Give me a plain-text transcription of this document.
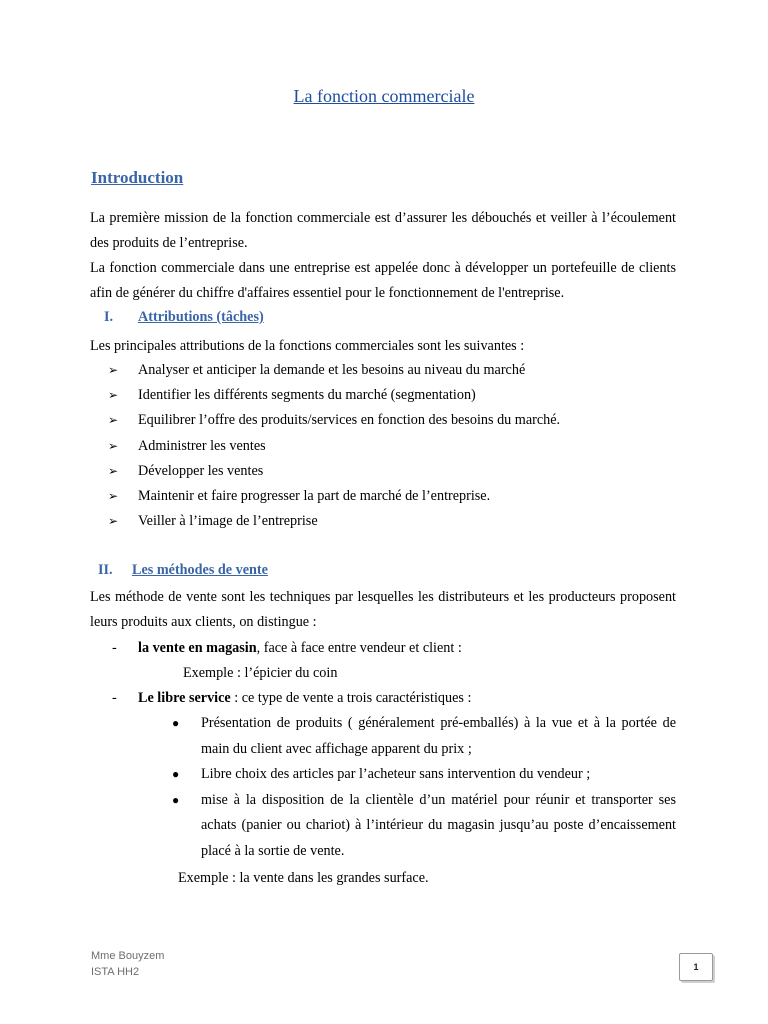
La fonction commerciale
Introduction
La première mission de la fonction commerciale est d’assurer les débouchés et veiller à l’écoulement des produits de l’entreprise.
La fonction commerciale dans une entreprise est appelée donc à développer un portefeuille de clients afin de générer du chiffre d'affaires essentiel pour le fonctionnement de l'entreprise.
I. Attributions (tâches)
Les principales attributions de la fonctions commerciales sont les suivantes :
➢ Analyser et anticiper la demande et les besoins au niveau du marché
➢ Identifier les différents segments du marché (segmentation)
➢ Equilibrer l’offre des produits/services en fonction des besoins du marché.
➢ Administrer les ventes
➢ Développer les ventes
➢ Maintenir et faire progresser la part de marché de l’entreprise.
➢ Veiller à l’image de l’entreprise
II. Les méthodes de vente
Les méthode de vente sont les techniques par lesquelles les distributeurs et les producteurs proposent leurs produits aux clients, on distingue :
- la vente en magasin, face à face entre vendeur et client :
Exemple : l’épicier du coin
- Le libre service : ce type de vente a trois caractéristiques :
● Présentation de produits ( généralement pré-emballés) à la vue et à la portée de main du client avec affichage apparent du prix ;
● Libre choix des articles par l’acheteur sans intervention du vendeur ;
● mise à la disposition de la clientèle d’un matériel pour réunir et transporter ses achats (panier ou chariot) à l’intérieur du magasin jusqu’au poste d’encaissement placé à la sortie de vente.
Exemple : la vente dans les grandes surface.
Mme Bouyzem
ISTA HH2	1
